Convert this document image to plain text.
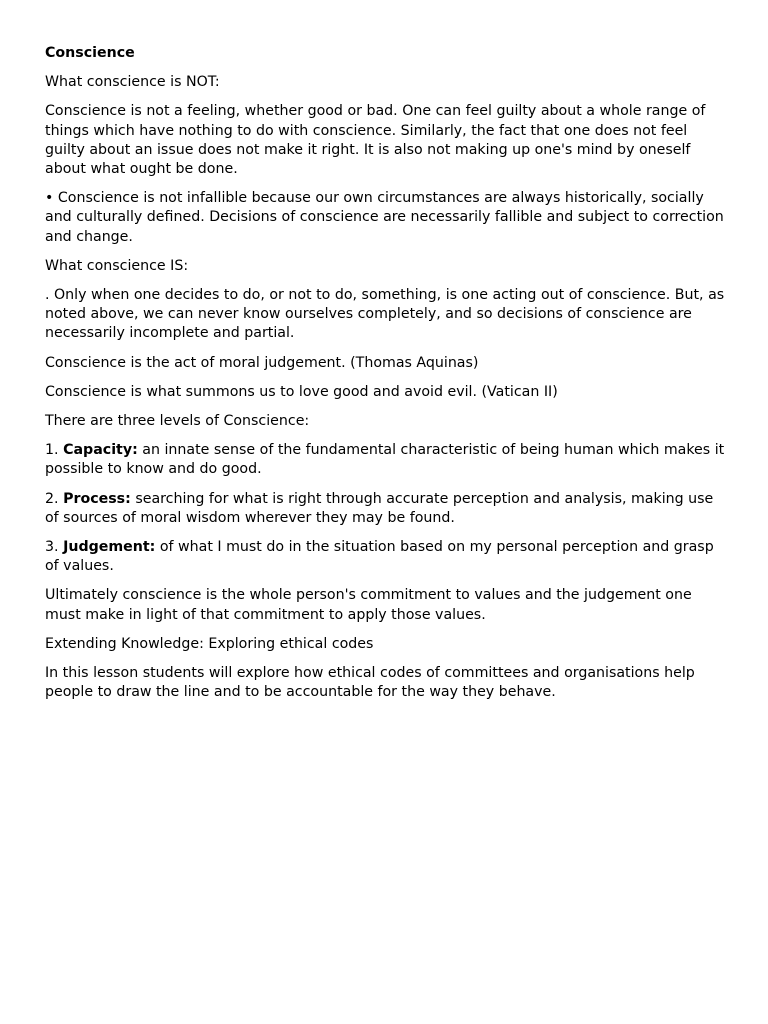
Conscience

What conscience is NOT:

Conscience is not a feeling, whether good or bad. One can feel guilty about a whole range of things which have nothing to do with conscience. Similarly, the fact that one does not feel guilty about an issue does not make it right. It is also not making up one's mind by oneself about what ought be done.

• Conscience is not infallible because our own circumstances are always historically, socially and culturally defined. Decisions of conscience are necessarily fallible and subject to correction and change.

What conscience IS:

. Only when one decides to do, or not to do, something, is one acting out of conscience. But, as noted above, we can never know ourselves completely, and so decisions of conscience are necessarily incomplete and partial.

Conscience is the act of moral judgement. (Thomas Aquinas)

Conscience is what summons us to love good and avoid evil. (Vatican II)

There are three levels of Conscience:

1. Capacity: an innate sense of the fundamental characteristic of being human which makes it possible to know and do good.

2. Process: searching for what is right through accurate perception and analysis, making use of sources of moral wisdom wherever they may be found.

3. Judgement: of what I must do in the situation based on my personal perception and grasp of values.

Ultimately conscience is the whole person's commitment to values and the judgement one must make in light of that commitment to apply those values.

Extending Knowledge: Exploring ethical codes

In this lesson students will explore how ethical codes of committees and organisations help people to draw the line and to be accountable for the way they behave.
